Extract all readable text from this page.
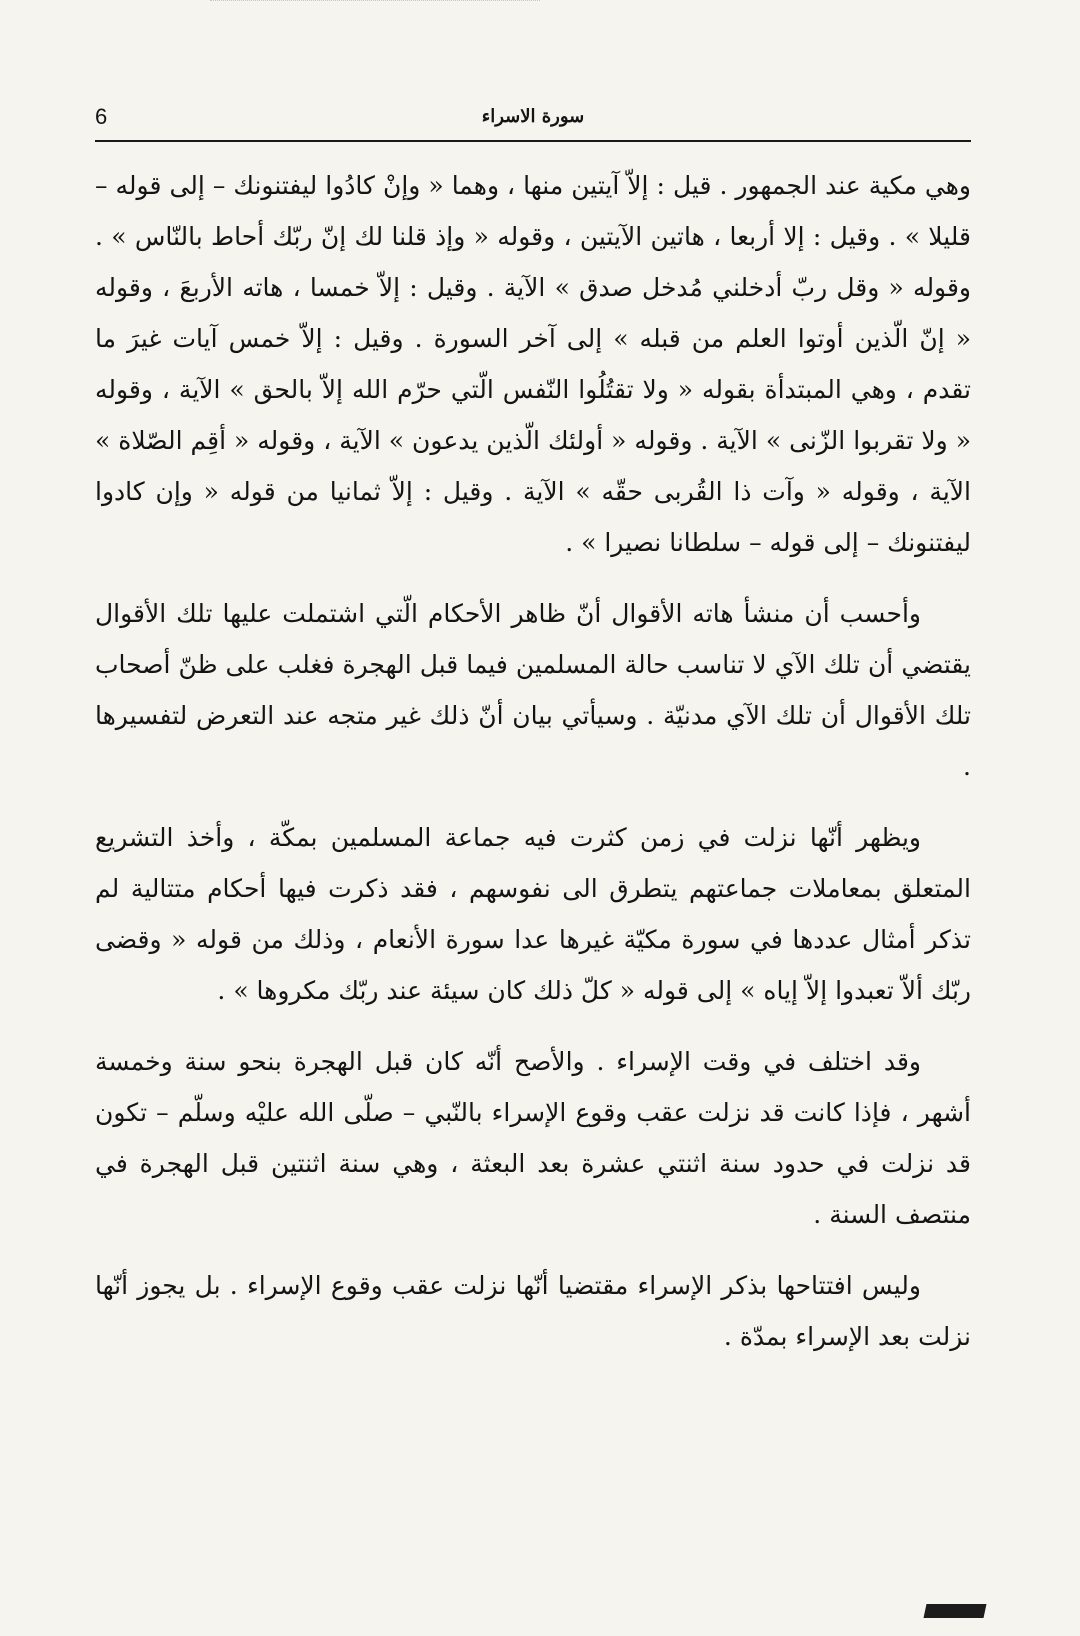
6	سورة الاسراء

وهي مكية عند الجمهور . قيل : إلاّ آيتين منها ، وهما « وإنْ كادُوا ليفتنونك – إلى قوله – قليلا » . وقيل : إلا أربعا ، هاتين الآيتين ، وقوله « وإذ قلنا لك إنّ ربّك أحاط بالنّاس » . وقوله « وقل ربّ أدخلني مُدخل صدق » الآية . وقيل : إلاّ خمسا ، هاته الأربعَ ، وقوله « إنّ الّذين أوتوا العلم من قبله » إلى آخر السورة . وقيل : إلاّ خمس آيات غيرَ ما تقدم ، وهي المبتدأة بقوله « ولا تقتُلُوا النّفس الّتي حرّم الله إلاّ بالحق » الآية ، وقوله « ولا تقربوا الزّنى » الآية . وقوله « أولئك الّذين يدعون » الآية ، وقوله « أقِم الصّلاة » الآية ، وقوله « وآت ذا القُربى حقّه » الآية . وقيل : إلاّ ثمانيا من قوله « وإن كادوا ليفتنونك – إلى قوله – سلطانا نصيرا » .

وأحسب أن منشأ هاته الأقوال أنّ ظاهر الأحكام الّتي اشتملت عليها تلك الأقوال يقتضي أن تلك الآي لا تناسب حالة المسلمين فيما قبل الهجرة فغلب على ظنّ أصحاب تلك الأقوال أن تلك الآي مدنيّة . وسيأتي بيان أنّ ذلك غير متجه عند التعرض لتفسيرها .

ويظهر أنّها نزلت في زمن كثرت فيه جماعة المسلمين بمكّة ، وأخذ التشريع المتعلق بمعاملات جماعتهم يتطرق الى نفوسهم ، فقد ذكرت فيها أحكام متتالية لم تذكر أمثال عددها في سورة مكيّة غيرها عدا سورة الأنعام ، وذلك من قوله « وقضى ربّك ألاّ تعبدوا إلاّ إياه » إلى قوله « كلّ ذلك كان سيئة عند ربّك مكروها » .

وقد اختلف في وقت الإسراء . والأصح أنّه كان قبل الهجرة بنحو سنة وخمسة أشهر ، فإذا كانت قد نزلت عقب وقوع الإسراء بالنّبي – صلّى الله عليْه وسلّم – تكون قد نزلت في حدود سنة اثنتي عشرة بعد البعثة ، وهي سنة اثنتين قبل الهجرة في منتصف السنة .

وليس افتتاحها بذكر الإسراء مقتضيا أنّها نزلت عقب وقوع الإسراء . بل يجوز أنّها نزلت بعد الإسراء بمدّة .
